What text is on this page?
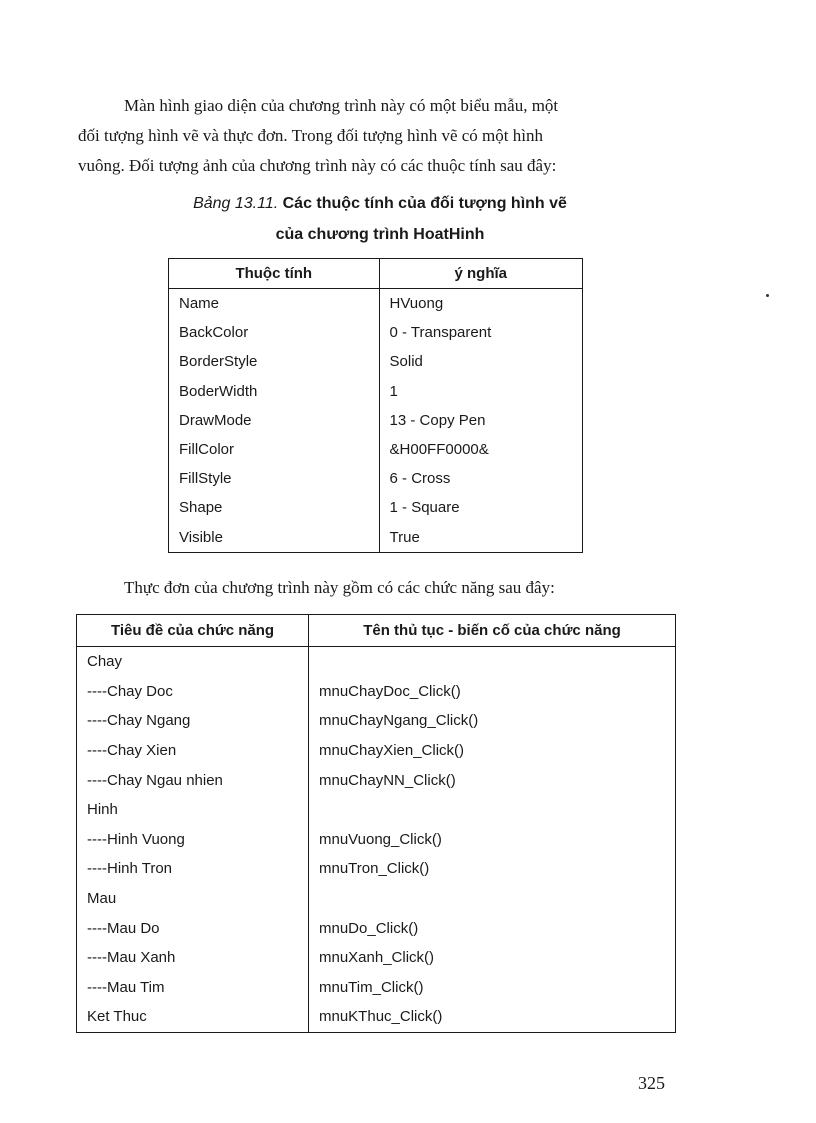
Màn hình giao diện của chương trình này có một biểu mẫu, một
đối tượng hình vẽ và thực đơn. Trong đối tượng hình vẽ có một hình
vuông. Đối tượng ảnh của chương trình này có các thuộc tính sau đây:
Bảng 13.11. Các thuộc tính của đối tượng hình vẽ
của chương trình HoatHinh
Thuộc tính	ý nghĩa
Name	HVuong
BackColor	0 - Transparent
BorderStyle	Solid
BoderWidth	1
DrawMode	13 - Copy Pen
FillColor	&H00FF0000&
FillStyle	6 - Cross
Shape	1 - Square
Visible	True
Thực đơn của chương trình này gồm có các chức năng sau đây:
Tiêu đề của chức năng	Tên thủ tục - biến cố của chức năng
Chay	
----Chay Doc	mnuChayDoc_Click()
----Chay Ngang	mnuChayNgang_Click()
----Chay Xien	mnuChayXien_Click()
----Chay Ngau nhien	mnuChayNN_Click()
Hinh	
----Hinh Vuong	mnuVuong_Click()
----Hinh Tron	mnuTron_Click()
Mau	
----Mau Do	mnuDo_Click()
----Mau Xanh	mnuXanh_Click()
----Mau Tim	mnuTim_Click()
Ket Thuc	mnuKThuc_Click()
325
